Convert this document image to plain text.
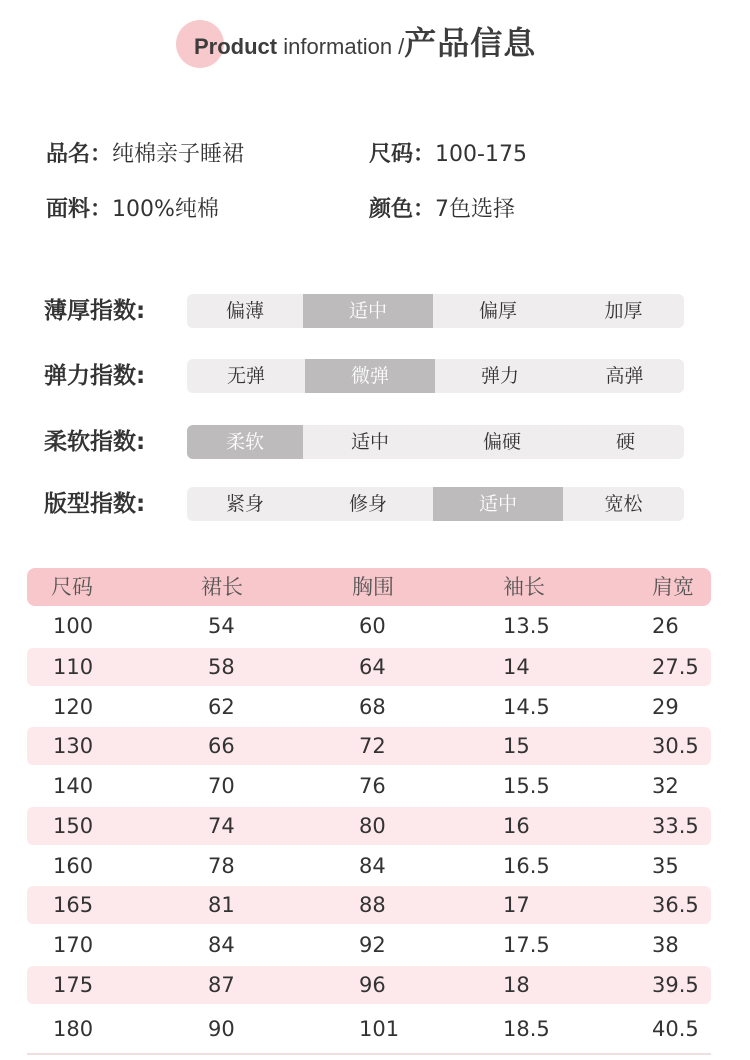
Product information /产品信息
品名：纯棉亲子睡裙	尺码：100-175
面料：100%纯棉	颜色：7色选择
薄厚指数:	偏薄	适中	偏厚	加厚
弹力指数:	无弹	微弹	弹力	高弹
柔软指数:	柔软	适中	偏硬	硬
版型指数:	紧身	修身	适中	宽松
尺码	裙长	胸围	袖长	肩宽
100	54	60	13.5	26
110	58	64	14	27.5
120	62	68	14.5	29
130	66	72	15	30.5
140	70	76	15.5	32
150	74	80	16	33.5
160	78	84	16.5	35
165	81	88	17	36.5
170	84	92	17.5	38
175	87	96	18	39.5
180	90	101	18.5	40.5
